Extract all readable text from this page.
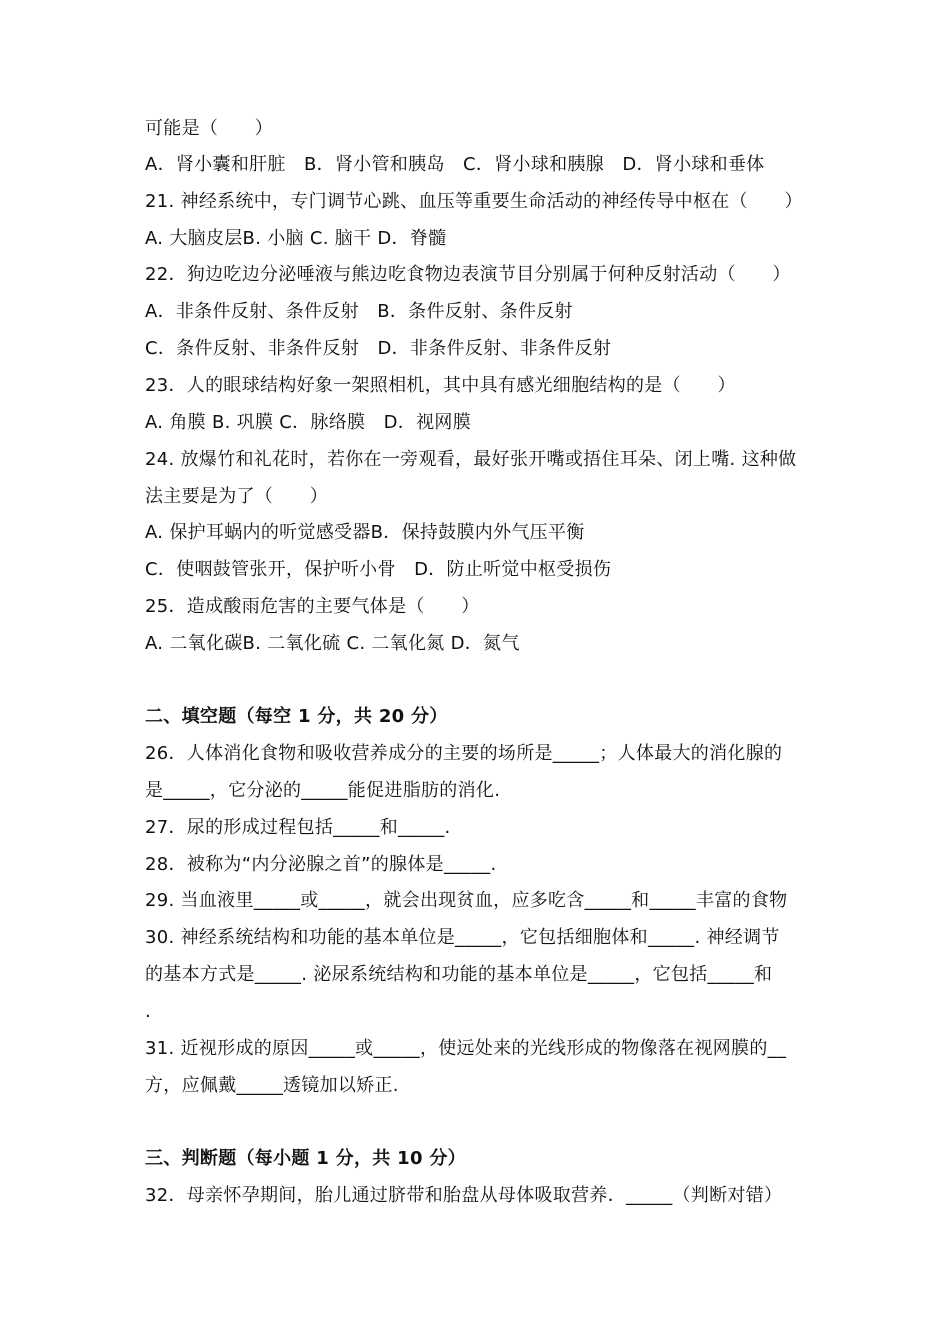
可能是（　　）
A．肾小囊和肝脏　B．肾小管和胰岛　C．肾小球和胰腺　D．肾小球和垂体
21. 神经系统中，专门调节心跳、血压等重要生命活动的神经传导中枢在（　　）
A. 大脑皮层B. 小脑 C. 脑干 D．脊髓
22．狗边吃边分泌唾液与熊边吃食物边表演节目分别属于何种反射活动（　　）
A．非条件反射、条件反射　B．条件反射、条件反射
C．条件反射、非条件反射　D．非条件反射、非条件反射
23．人的眼球结构好象一架照相机，其中具有感光细胞结构的是（　　）
A. 角膜 B. 巩膜 C．脉络膜　D．视网膜
24. 放爆竹和礼花时，若你在一旁观看，最好张开嘴或捂住耳朵、闭上嘴. 这种做
法主要是为了（　　）
A. 保护耳蜗内的听觉感受器B．保持鼓膜内外气压平衡
C．使咽鼓管张开，保护听小骨　D．防止听觉中枢受损伤
25．造成酸雨危害的主要气体是（　　）
A. 二氧化碳B. 二氧化硫 C. 二氧化氮 D．氮气
二、填空题（每空 1 分，共 20 分）
26．人体消化食物和吸收营养成分的主要的场所是_____；人体最大的消化腺的
是_____，它分泌的_____能促进脂肪的消化.
27．尿的形成过程包括_____和_____.
28．被称为“内分泌腺之首”的腺体是_____.
29. 当血液里_____或_____，就会出现贫血，应多吃含_____和_____丰富的食物
30. 神经系统结构和功能的基本单位是_____，它包括细胞体和_____. 神经调节
的基本方式是_____. 泌尿系统结构和功能的基本单位是_____，它包括_____和
.
31. 近视形成的原因_____或_____，使远处来的光线形成的物像落在视网膜的__
方，应佩戴_____透镜加以矫正.
三、判断题（每小题 1 分，共 10 分）
32．母亲怀孕期间，胎儿通过脐带和胎盘从母体吸取营养．_____（判断对错）
